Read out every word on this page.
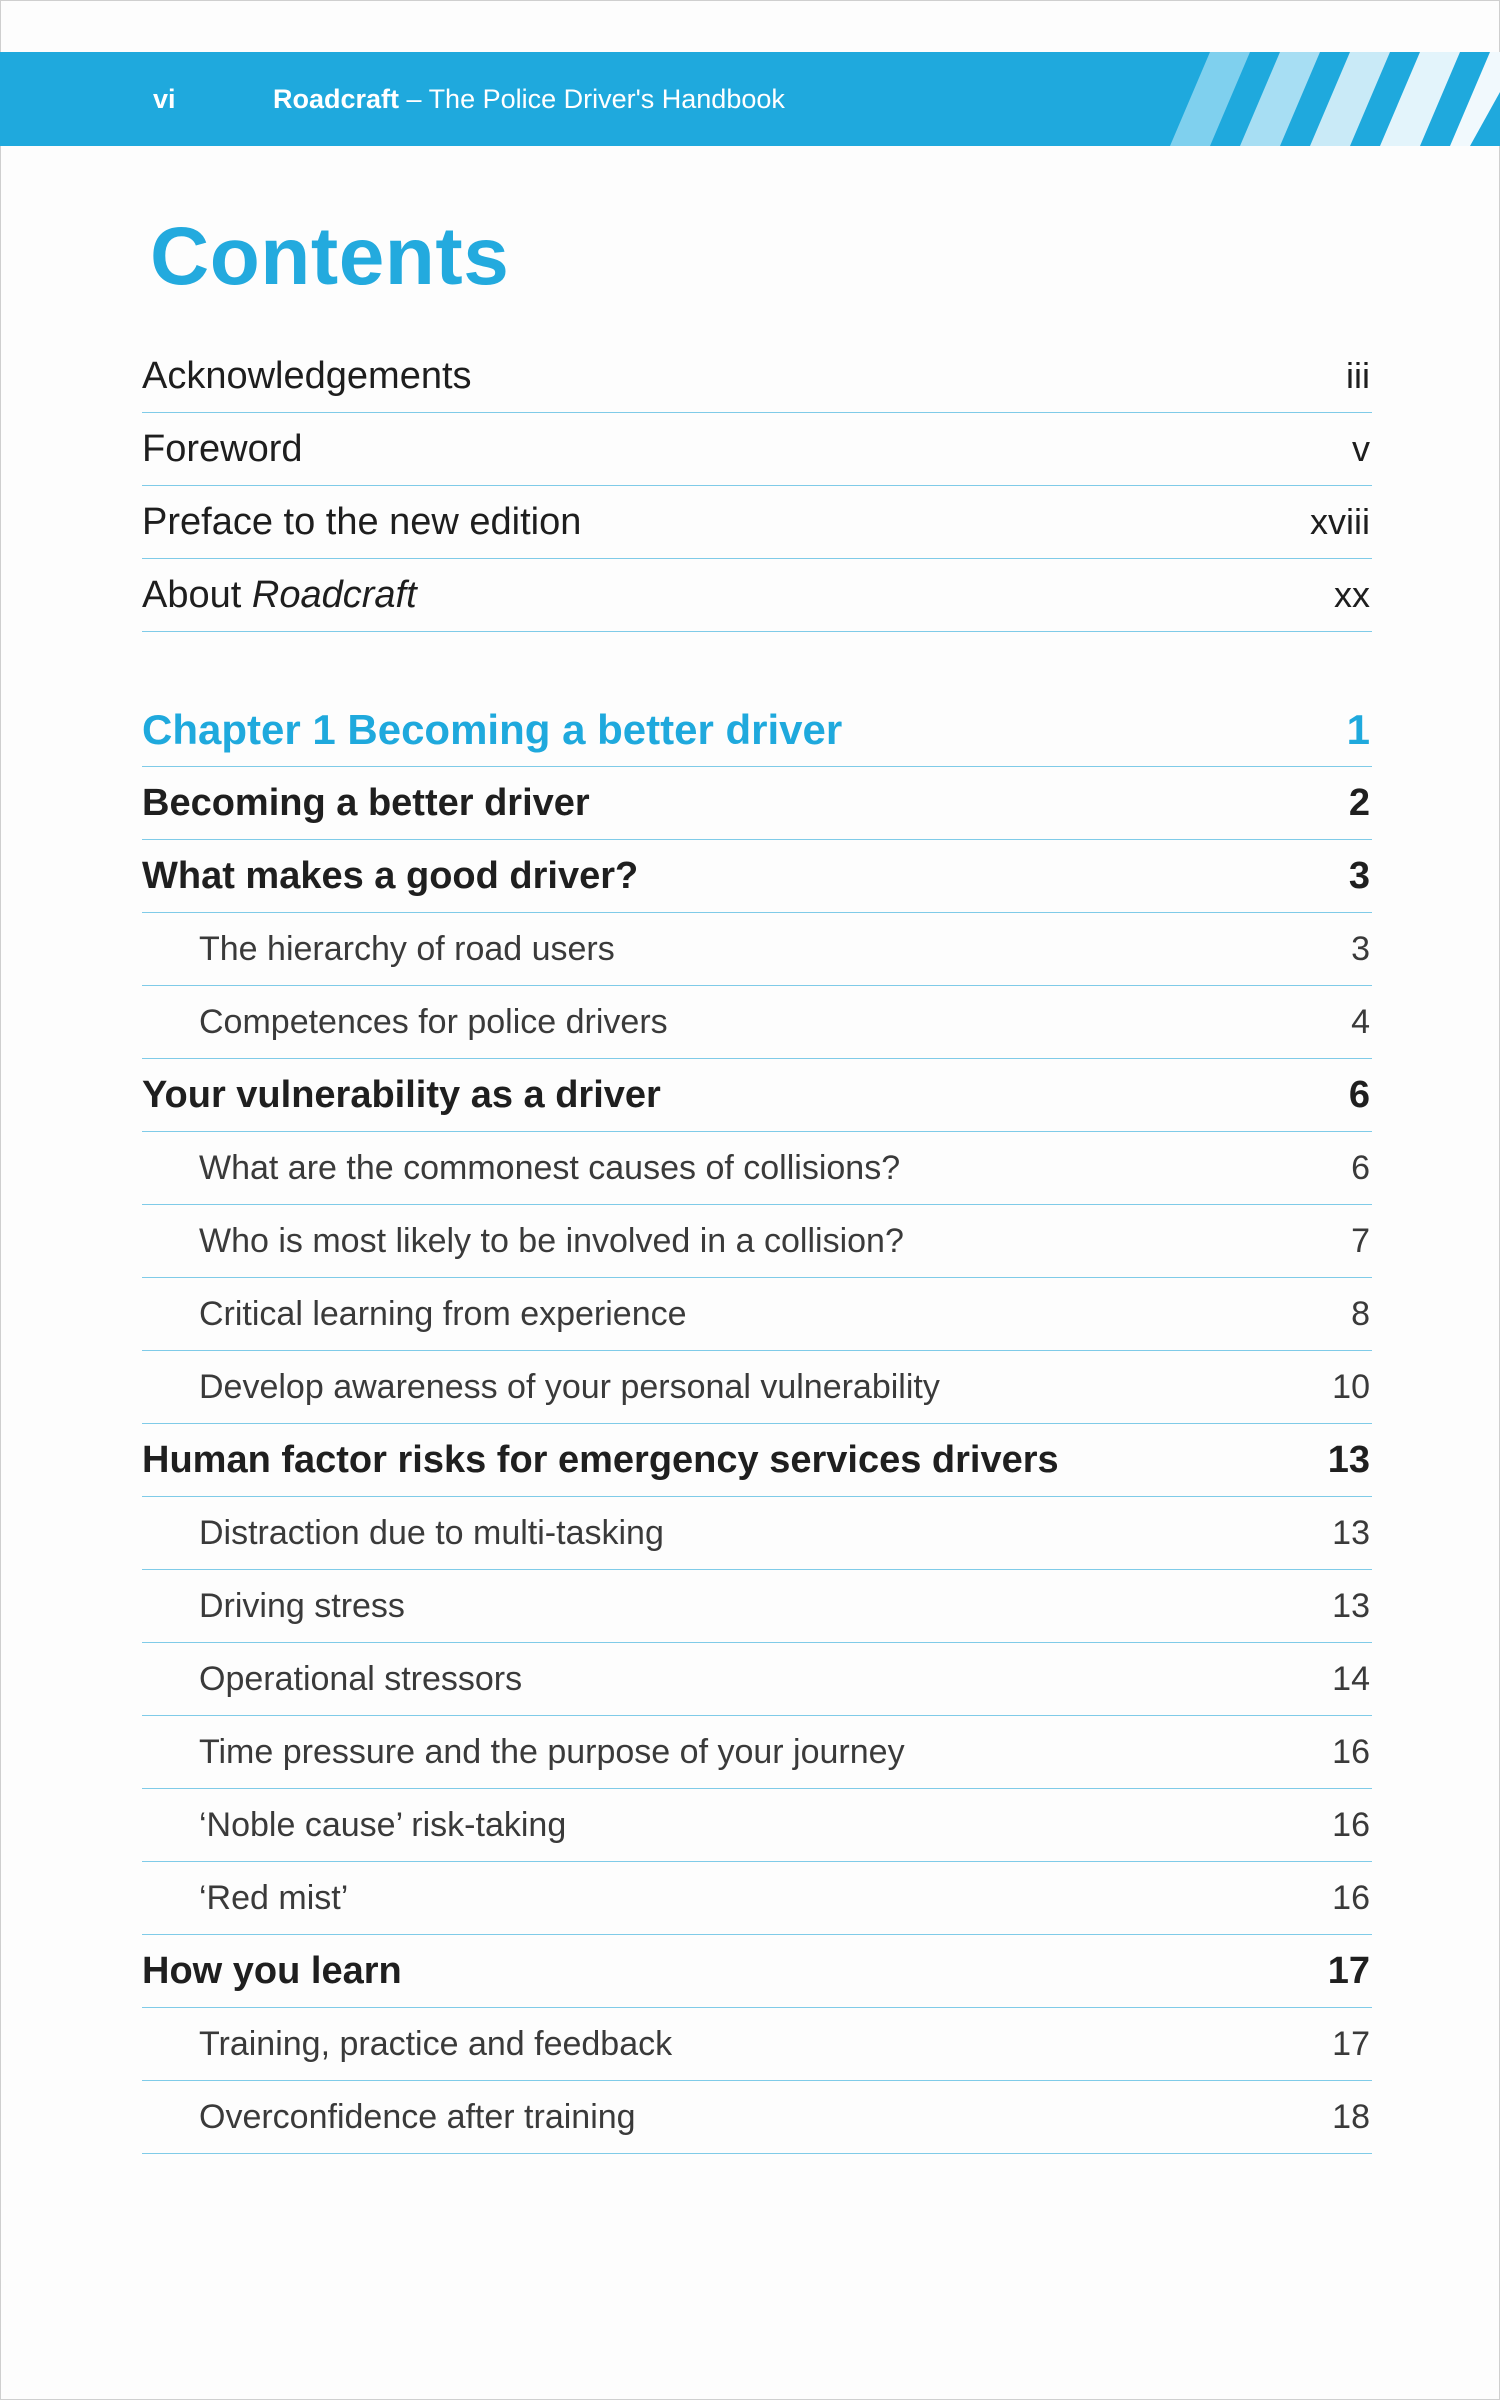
vi	Roadcraft – The Police Driver's Handbook
Contents
Acknowledgements	iii
Foreword	v
Preface to the new edition	xviii
About Roadcraft	xx
Chapter 1 Becoming a better driver	1
Becoming a better driver	2
What makes a good driver?	3
The hierarchy of road users	3
Competences for police drivers	4
Your vulnerability as a driver	6
What are the commonest causes of collisions?	6
Who is most likely to be involved in a collision?	7
Critical learning from experience	8
Develop awareness of your personal vulnerability	10
Human factor risks for emergency services drivers	13
Distraction due to multi-tasking	13
Driving stress	13
Operational stressors	14
Time pressure and the purpose of your journey	16
‘Noble cause’ risk-taking	16
‘Red mist’	16
How you learn	17
Training, practice and feedback	17
Overconfidence after training	18
